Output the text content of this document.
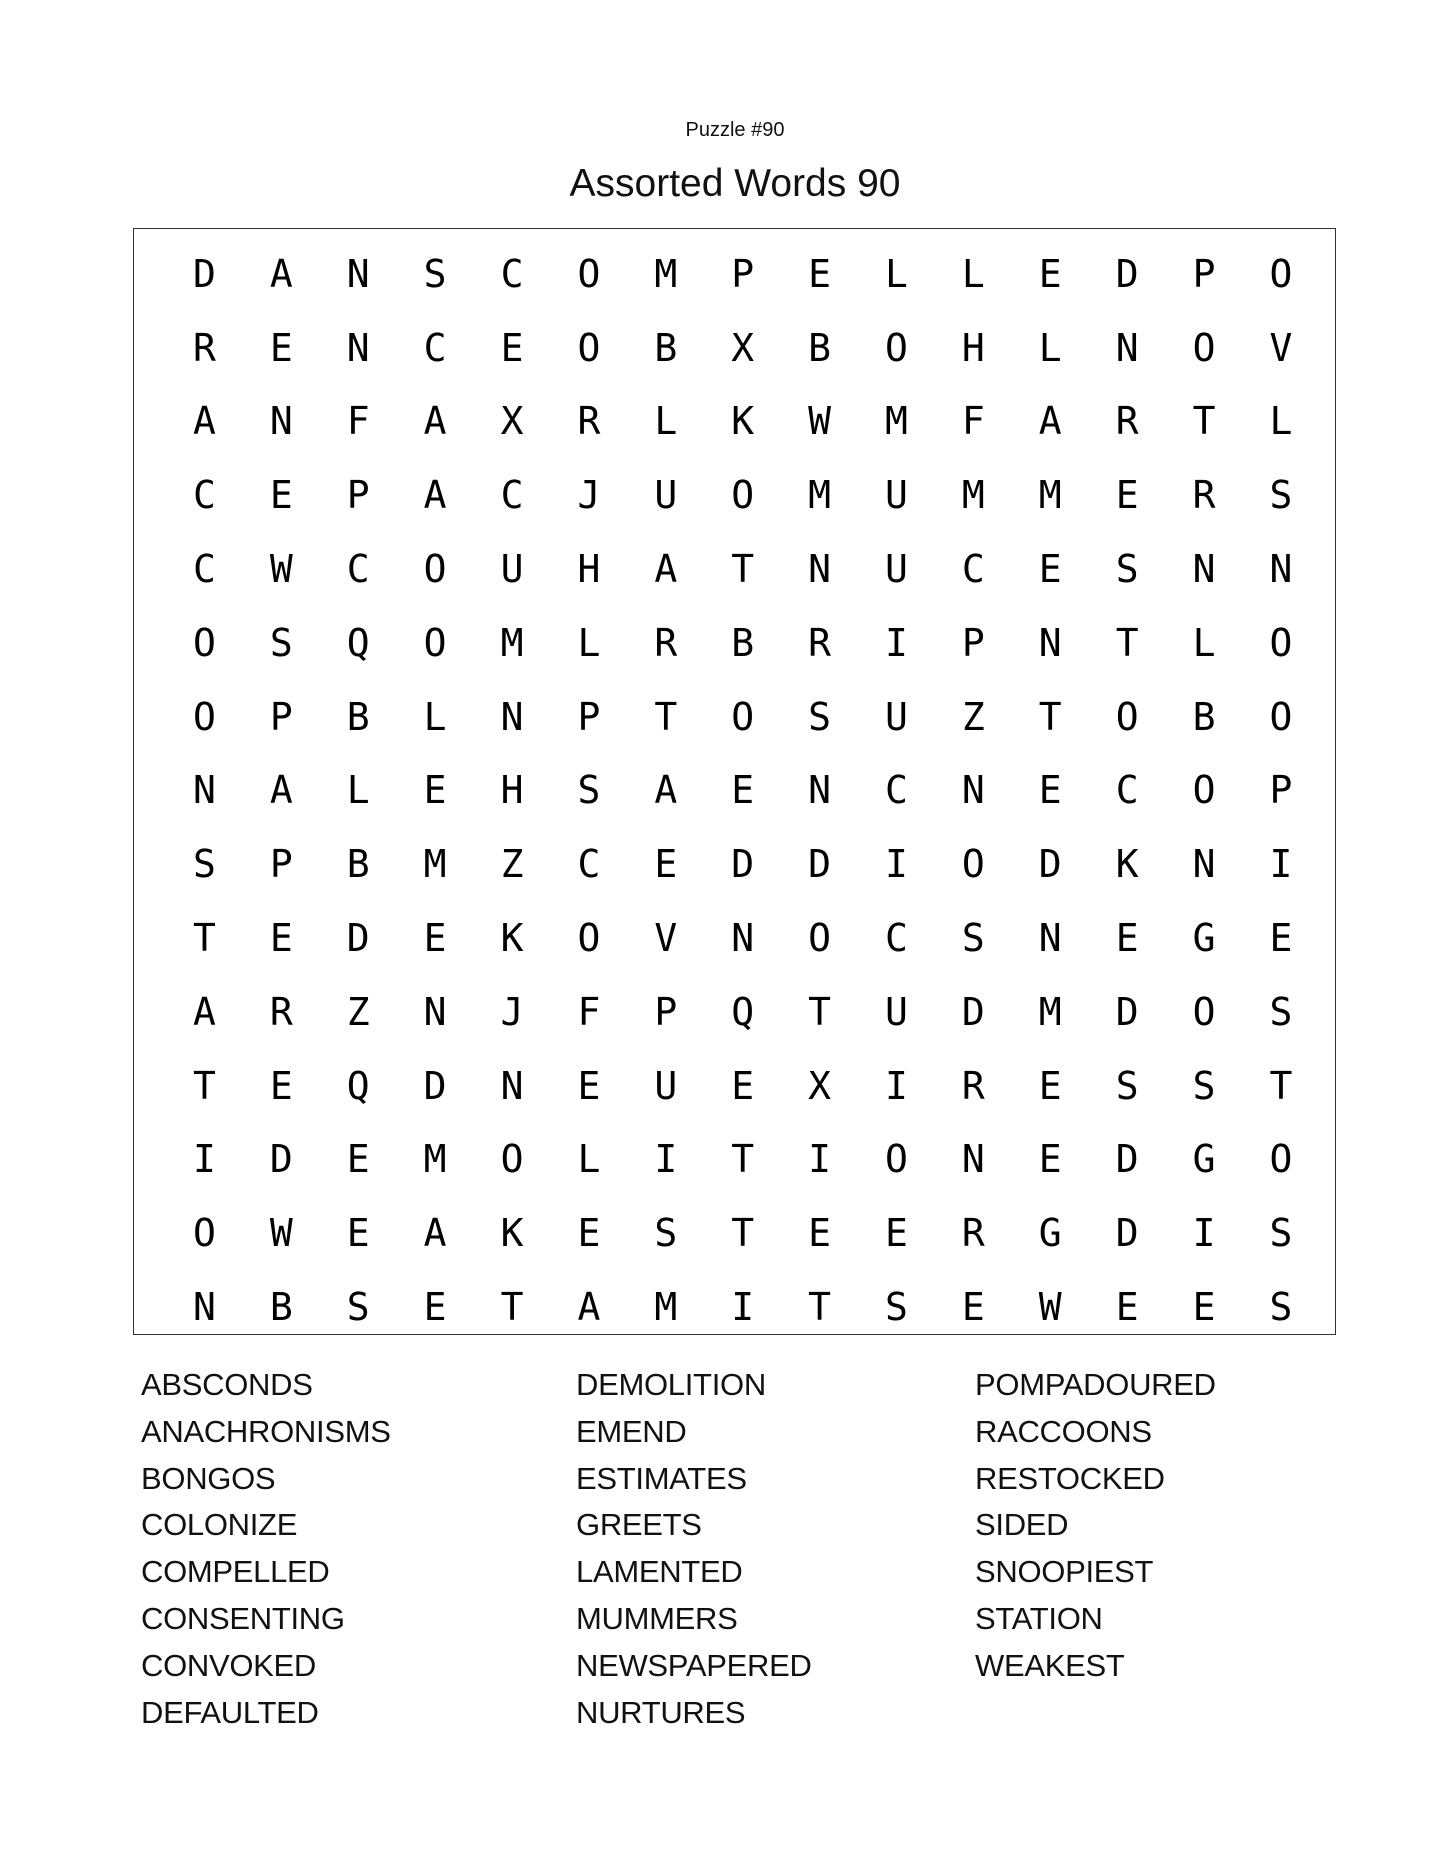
Puzzle #90
Assorted Words 90
D	A	N	S	C	O	M	P	E	L	L	E	D	P	O
R	E	N	C	E	O	B	X	B	O	H	L	N	O	V
A	N	F	A	X	R	L	K	W	M	F	A	R	T	L
C	E	P	A	C	J	U	O	M	U	M	M	E	R	S
C	W	C	O	U	H	A	T	N	U	C	E	S	N	N
O	S	Q	O	M	L	R	B	R	I	P	N	T	L	O
O	P	B	L	N	P	T	O	S	U	Z	T	O	B	O
N	A	L	E	H	S	A	E	N	C	N	E	C	O	P
S	P	B	M	Z	C	E	D	D	I	O	D	K	N	I
T	E	D	E	K	O	V	N	O	C	S	N	E	G	E
A	R	Z	N	J	F	P	Q	T	U	D	M	D	O	S
T	E	Q	D	N	E	U	E	X	I	R	E	S	S	T
I	D	E	M	O	L	I	T	I	O	N	E	D	G	O
O	W	E	A	K	E	S	T	E	E	R	G	D	I	S
N	B	S	E	T	A	M	I	T	S	E	W	E	E	S
ABSCONDS
ANACHRONISMS
BONGOS
COLONIZE
COMPELLED
CONSENTING
CONVOKED
DEFAULTED
DEMOLITION
EMEND
ESTIMATES
GREETS
LAMENTED
MUMMERS
NEWSPAPERED
NURTURES
POMPADOURED
RACCOONS
RESTOCKED
SIDED
SNOOPIEST
STATION
WEAKEST
